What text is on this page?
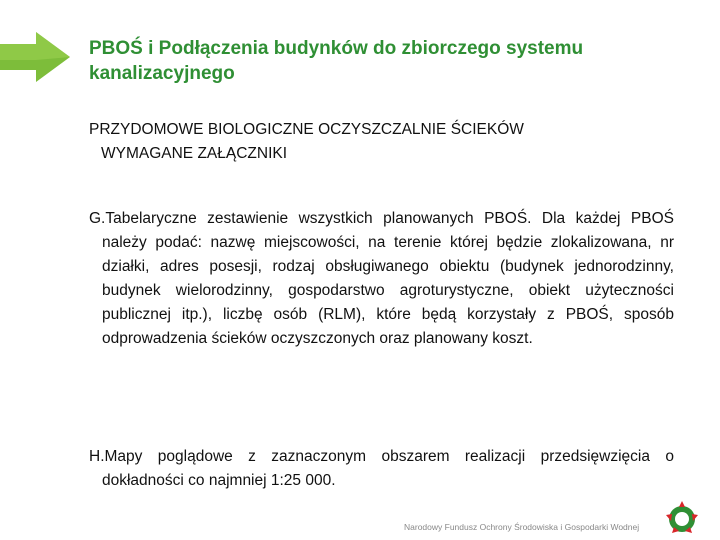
PBOŚ i Podłączenia budynków do zbiorczego systemu kanalizacyjnego
PRZYDOMOWE BIOLOGICZNE OCZYSZCZALNIE ŚCIEKÓW
WYMAGANE ZAŁĄCZNIKI

G.Tabelaryczne zestawienie wszystkich planowanych PBOŚ. Dla każdej PBOŚ należy podać: nazwę miejscowości, na terenie której będzie zlokalizowana, nr działki, adres posesji, rodzaj obsługiwanego obiektu (budynek jednorodzinny, budynek wielorodzinny, gospodarstwo agroturystyczne, obiekt użyteczności publicznej itp.), liczbę osób (RLM), które będą korzystały z PBOŚ, sposób odprowadzenia ścieków oczyszczonych oraz planowany koszt.

H.Mapy poglądowe z zaznaczonym obszarem realizacji przedsięwzięcia o dokładności co najmniej 1:25 000.

Narodowy Fundusz Ochrony Środowiska i Gospodarki Wodnej
